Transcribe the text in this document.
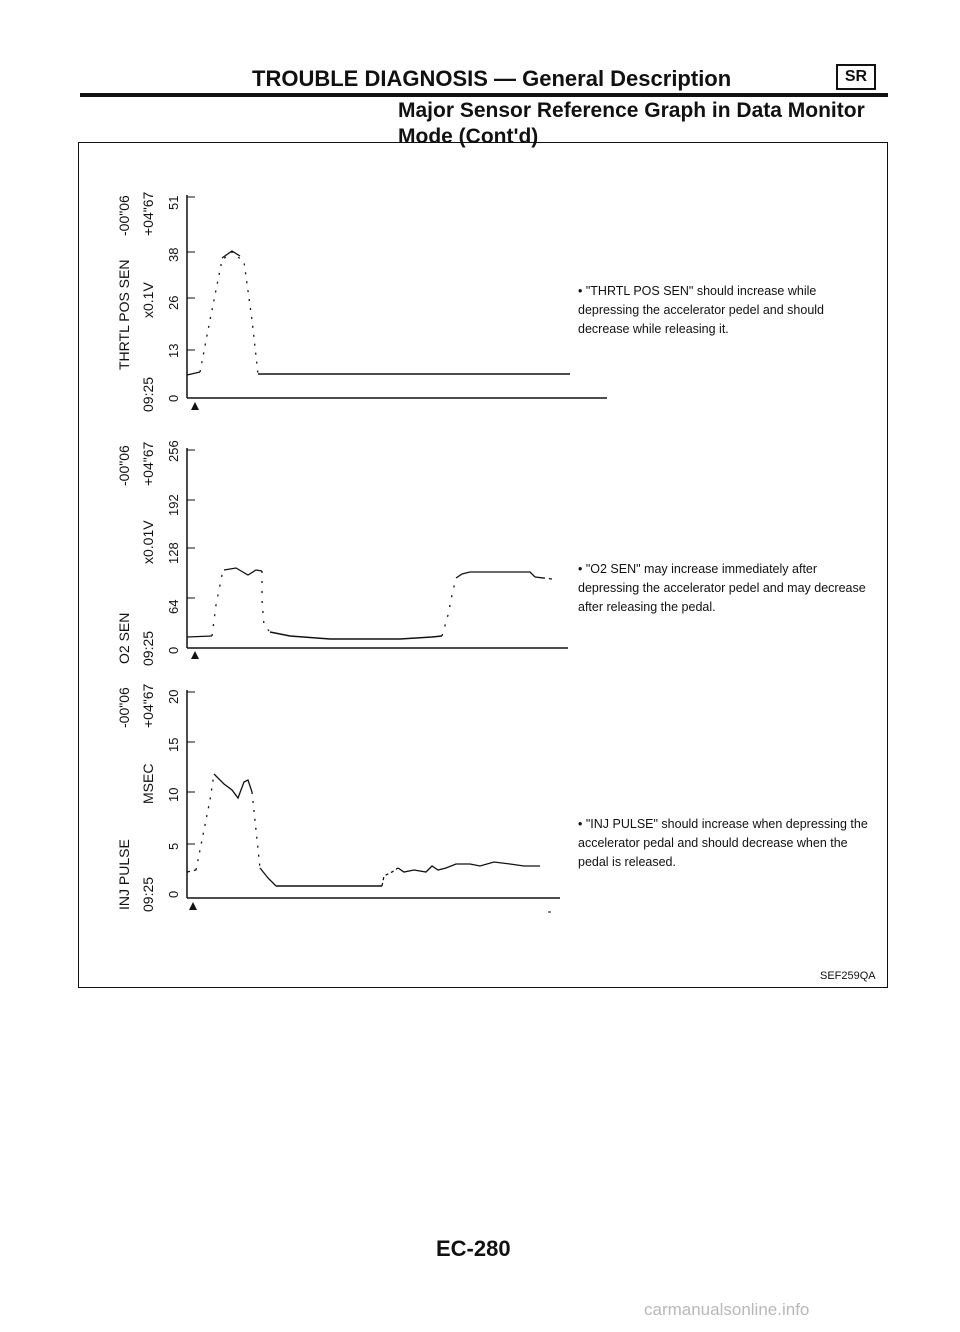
TROUBLE DIAGNOSIS — General Description	SR
Major Sensor Reference Graph in Data Monitor Mode (Cont'd)
THRTL POS SEN
09:25
x0.1V
-00"06 +04"67
0
13
26
38
51
O2 SEN 09:25
x0.01V
-00"06 +04"67
0
64
128
192
256
INJ PULSE 09:25
MSEC
-00"06 +04"67
0
5
10
15
20
• "THRTL POS SEN" should increase while depressing the accelerator pedel and should decrease while releasing it.
• "O2 SEN" may increase immediately after depressing the accelerator pedel and may decrease after releasing the pedal.
• "INJ PULSE" should increase when depressing the accelerator pedal and should decrease when the pedal is released.
SEF259QA
EC-280
carmanualsonline.info
